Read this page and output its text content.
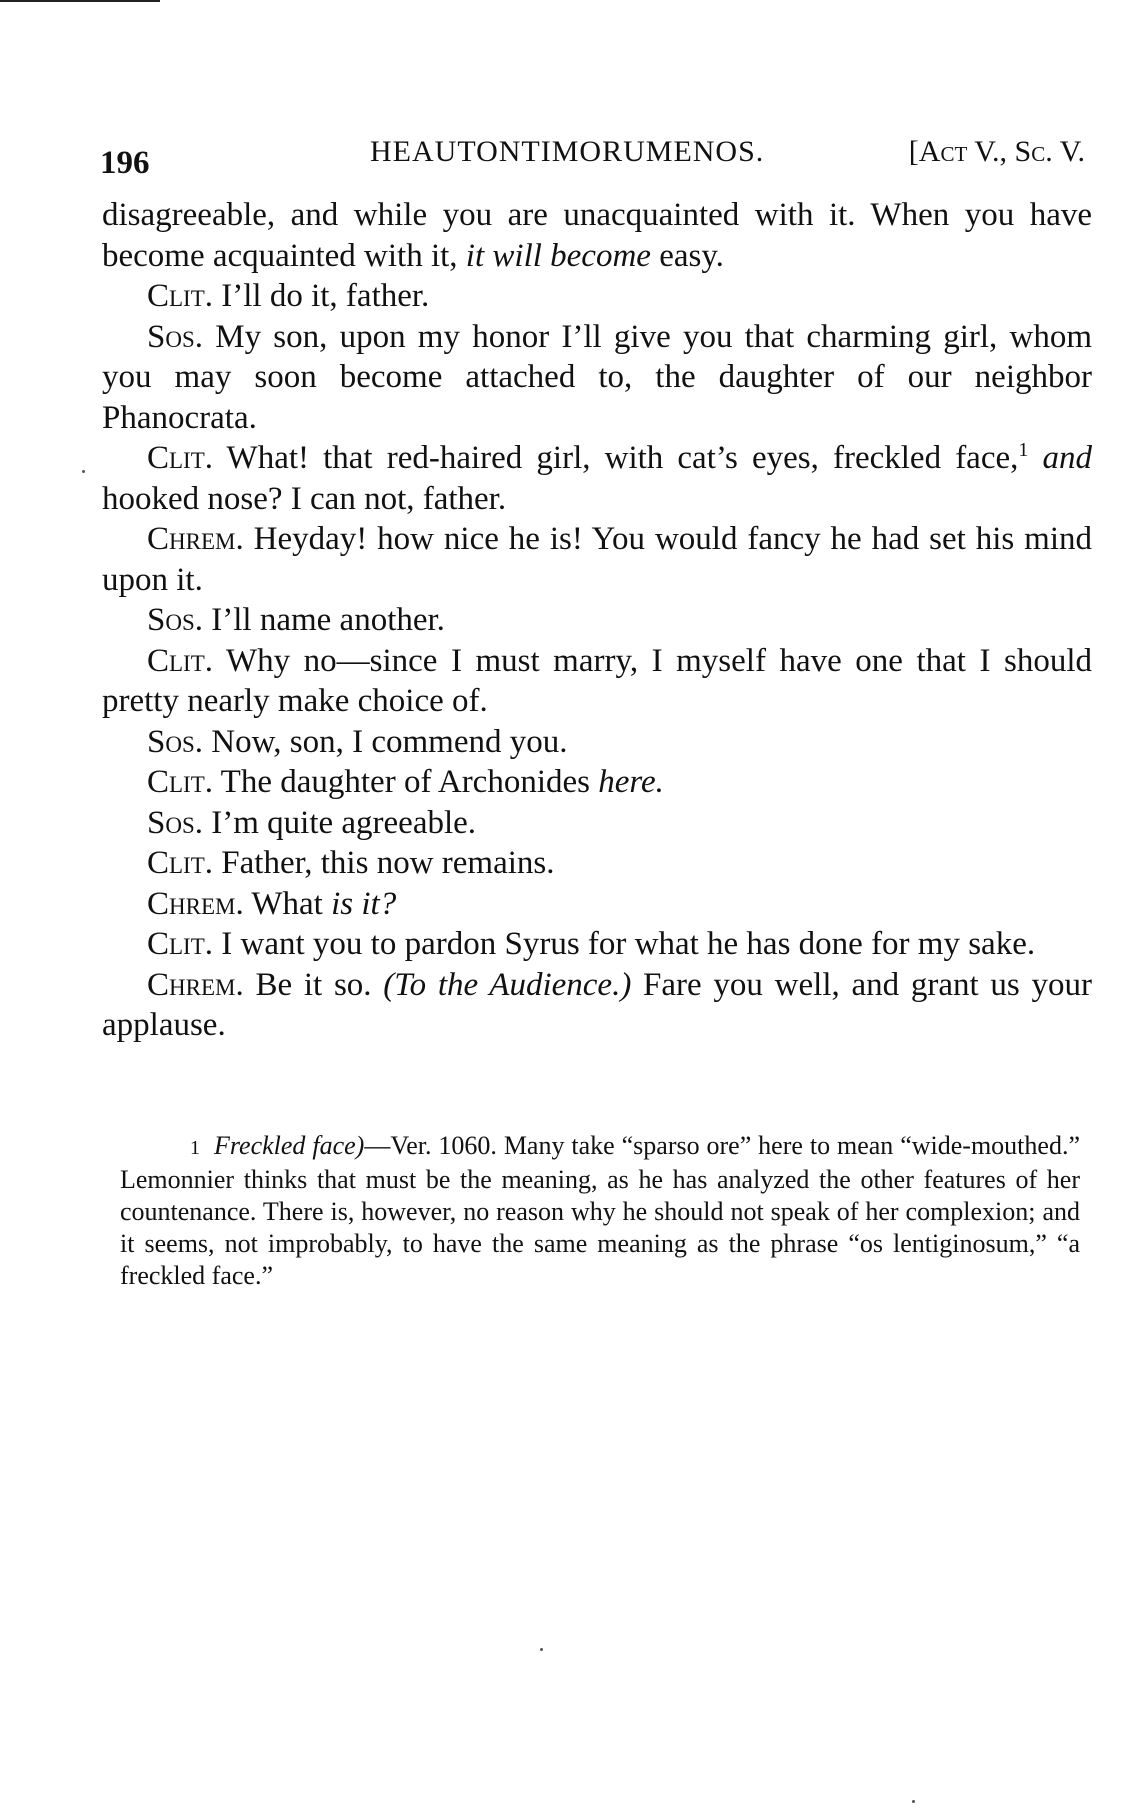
196	HEAUTONTIMORUMENOS.	[Act V., Sc. V.

disagreeable, and while you are unacquainted with it. When you have become acquainted with it, it will become easy.

Clit. I’ll do it, father.

Sos. My son, upon my honor I’ll give you that charming girl, whom you may soon become attached to, the daughter of our neighbor Phanocrata.

Clit. What! that red-haired girl, with cat’s eyes, freckled face,$^1$ and hooked nose? I can not, father.

Chrem. Heyday! how nice he is! You would fancy he had set his mind upon it.

Sos. I’ll name another.

Clit. Why no—since I must marry, I myself have one that I should pretty nearly make choice of.

Sos. Now, son, I commend you.

Clit. The daughter of Archonides here.

Sos. I’m quite agreeable.

Clit. Father, this now remains.

Chrem. What is it?

Clit. I want you to pardon Syrus for what he has done for my sake.

Chrem. Be it so. (To the Audience.) Fare you well, and grant us your applause.

1 Freckled face)—Ver. 1060. Many take “sparso ore” here to mean “wide-mouthed.” Lemonnier thinks that must be the meaning, as he has analyzed the other features of her countenance. There is, however, no reason why he should not speak of her complexion; and it seems, not improbably, to have the same meaning as the phrase “os lentiginosum,” “a freckled face.”
